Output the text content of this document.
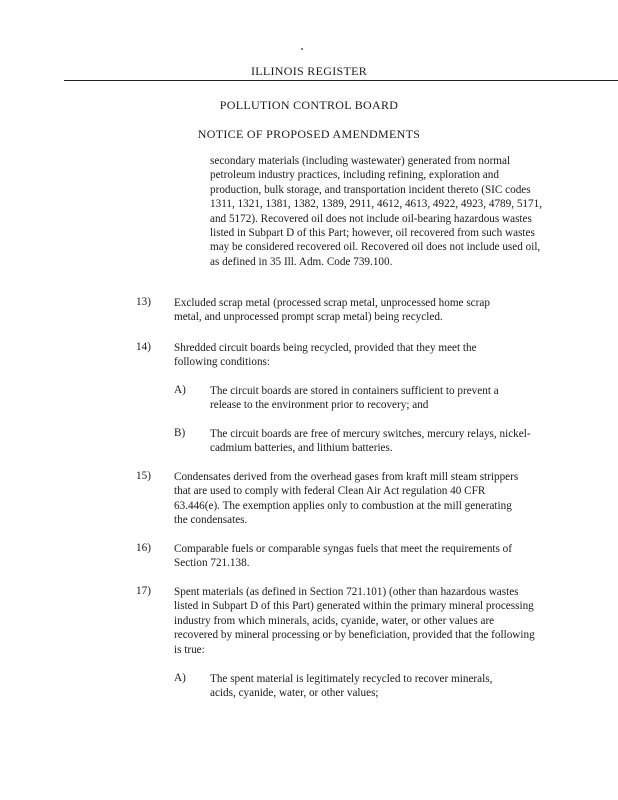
ILLINOIS REGISTER
POLLUTION CONTROL BOARD
NOTICE OF PROPOSED AMENDMENTS
secondary materials (including wastewater) generated from normal petroleum industry practices, including refining, exploration and production, bulk storage, and transportation incident thereto (SIC codes 1311, 1321, 1381, 1382, 1389, 2911, 4612, 4613, 4922, 4923, 4789, 5171, and 5172). Recovered oil does not include oil-bearing hazardous wastes listed in Subpart D of this Part; however, oil recovered from such wastes may be considered recovered oil. Recovered oil does not include used oil, as defined in 35 Ill. Adm. Code 739.100.
13) Excluded scrap metal (processed scrap metal, unprocessed home scrap metal, and unprocessed prompt scrap metal) being recycled.
14) Shredded circuit boards being recycled, provided that they meet the following conditions:
A) The circuit boards are stored in containers sufficient to prevent a release to the environment prior to recovery; and
B) The circuit boards are free of mercury switches, mercury relays, nickel-cadmium batteries, and lithium batteries.
15) Condensates derived from the overhead gases from kraft mill steam strippers that are used to comply with federal Clean Air Act regulation 40 CFR 63.446(e). The exemption applies only to combustion at the mill generating the condensates.
16) Comparable fuels or comparable syngas fuels that meet the requirements of Section 721.138.
17) Spent materials (as defined in Section 721.101) (other than hazardous wastes listed in Subpart D of this Part) generated within the primary mineral processing industry from which minerals, acids, cyanide, water, or other values are recovered by mineral processing or by beneficiation, provided that the following is true:
A) The spent material is legitimately recycled to recover minerals, acids, cyanide, water, or other values;
